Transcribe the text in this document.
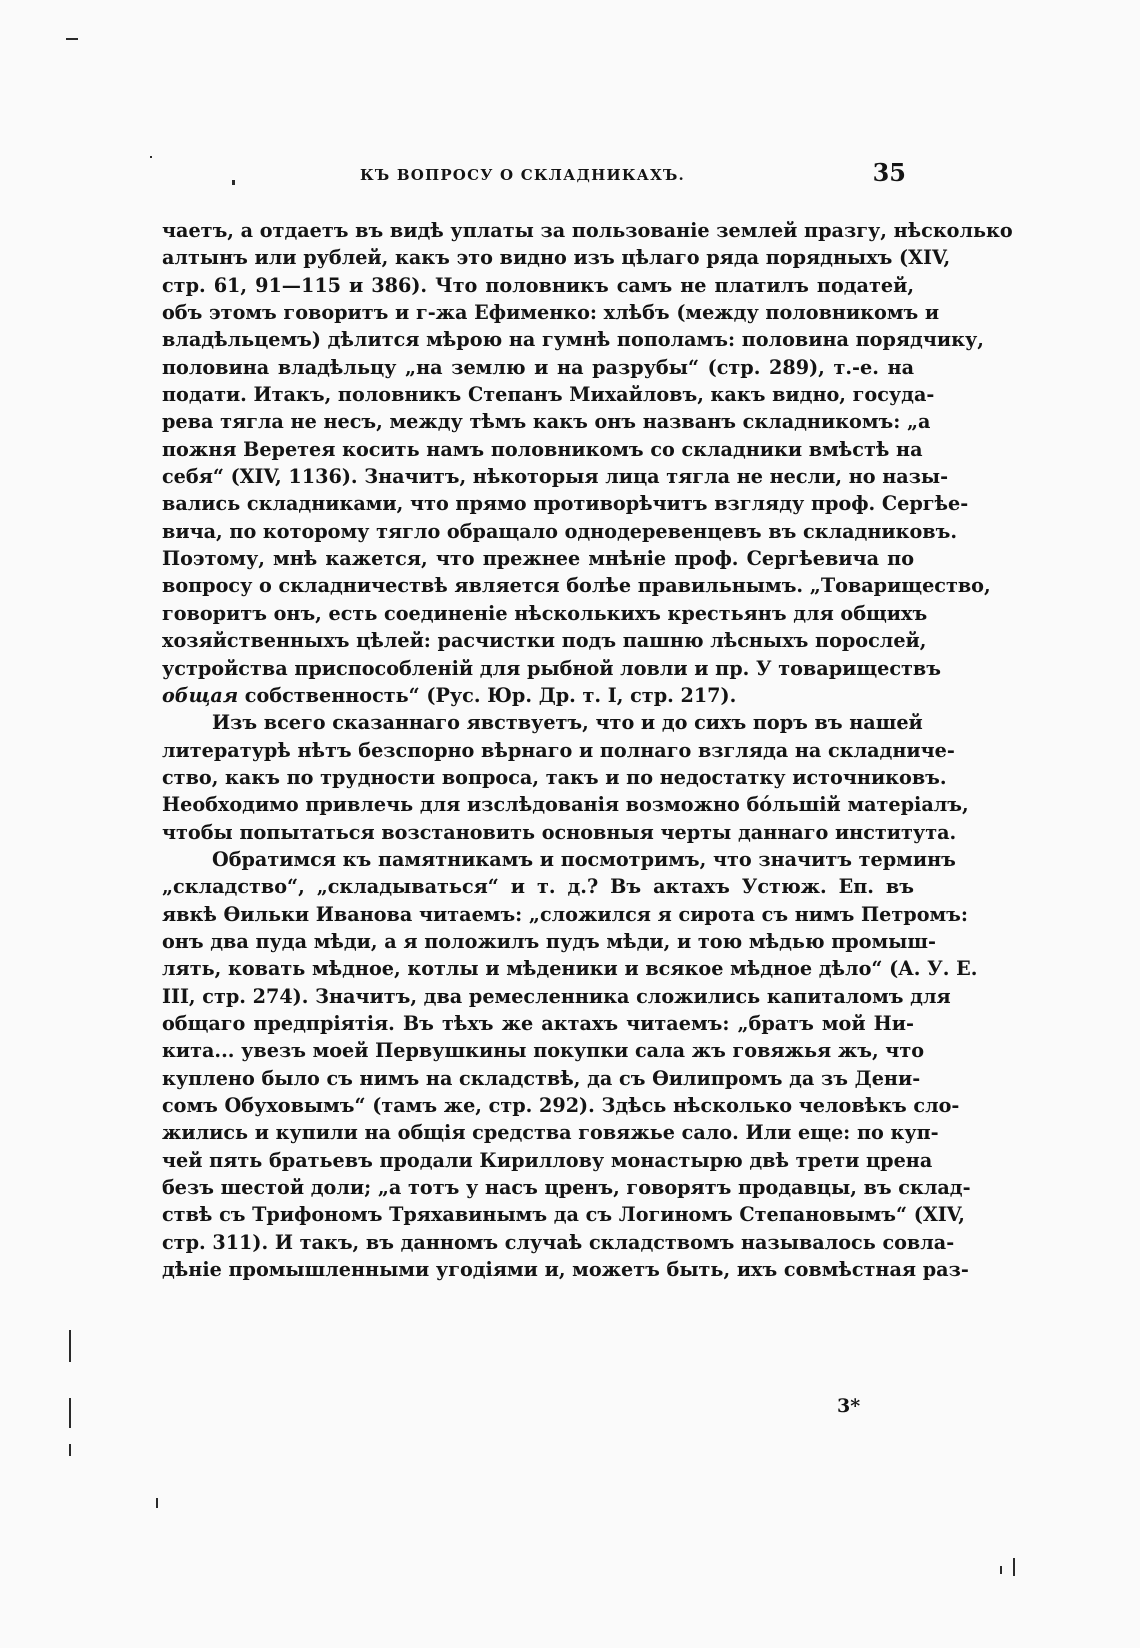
КЪ ВОПРОСУ О СКЛАДНИКАХЪ.	35
чаетъ, а отдаетъ въ видѣ уплаты за пользованіе землей празгу, нѣсколько
алтынъ или рублей, какъ это видно изъ цѣлаго ряда порядныхъ (XIV,
стр. 61, 91—115 и 386). Что половникъ самъ не платилъ податей,
объ этомъ говоритъ и г-жа Ефименко: хлѣбъ (между половникомъ и
владѣльцемъ) дѣлится мѣрою на гумнѣ пополамъ: половина порядчику,
половина владѣльцу „на землю и на разрубы“ (стр. 289), т.-е. на
подати. Итакъ, половникъ Степанъ Михайловъ, какъ видно, госуда-
рева тягла не несъ, между тѣмъ какъ онъ названъ складникомъ: „а
пожня Веретея косить намъ половникомъ со складники вмѣстѣ на
себя“ (XIV, 1136). Значитъ, нѣкоторыя лица тягла не несли, но назы-
вались складниками, что прямо противорѣчитъ взгляду проф. Сергѣе-
вича, по которому тягло обращало однодеревенцевъ въ складниковъ.
Поэтому, мнѣ кажется, что прежнее мнѣніе проф. Сергѣевича по
вопросу о складничествѣ является болѣе правильнымъ. „Товарищество,
говоритъ онъ, есть соединеніе нѣсколькихъ крестьянъ для общихъ
хозяйственныхъ цѣлей: расчистки подъ пашню лѣсныхъ порослей,
устройства приспособленій для рыбной ловли и пр. У товариществъ
общая собственность“ (Рус. Юр. Др. т. I, стр. 217).
Изъ всего сказаннаго явствуетъ, что и до сихъ поръ въ нашей
литературѣ нѣтъ безспорно вѣрнаго и полнаго взгляда на складниче-
ство, какъ по трудности вопроса, такъ и по недостатку источниковъ.
Необходимо привлечь для изслѣдованія возможно бóльшій матеріалъ,
чтобы попытаться возстановить основныя черты даннаго института.
Обратимся къ памятникамъ и посмотримъ, что значитъ терминъ
„складство“, „складываться“ и т. д.? Въ актахъ Устюж. Еп. въ
явкѣ Ѳильки Иванова читаемъ: „сложился я сирота съ нимъ Петромъ:
онъ два пуда мѣди, а я положилъ пудъ мѣди, и тою мѣдью промыш-
лять, ковать мѣдное, котлы и мѣденики и всякое мѣдное дѣло“ (А. У. Е.
III, стр. 274). Значитъ, два ремесленника сложились капиталомъ для
общаго предпріятія. Въ тѣхъ же актахъ читаемъ: „братъ мой Ни-
кита... увезъ моей Первушкины покупки сала жъ говяжья жъ, что
куплено было съ нимъ на складствѣ, да съ Ѳилипромъ да зъ Дени-
сомъ Обуховымъ“ (тамъ же, стр. 292). Здѣсь нѣсколько человѣкъ сло-
жились и купили на общія средства говяжье сало. Или еще: по куп-
чей пять братьевъ продали Кириллову монастырю двѣ трети црена
безъ шестой доли; „а тотъ у насъ цренъ, говорятъ продавцы, въ склад-
ствѣ съ Трифономъ Тряхавинымъ да съ Логиномъ Степановымъ“ (XIV,
стр. 311). И такъ, въ данномъ случаѣ складствомъ называлось совла-
дѣніе промышленными угодіями и, можетъ быть, ихъ совмѣстная раз-
3*
